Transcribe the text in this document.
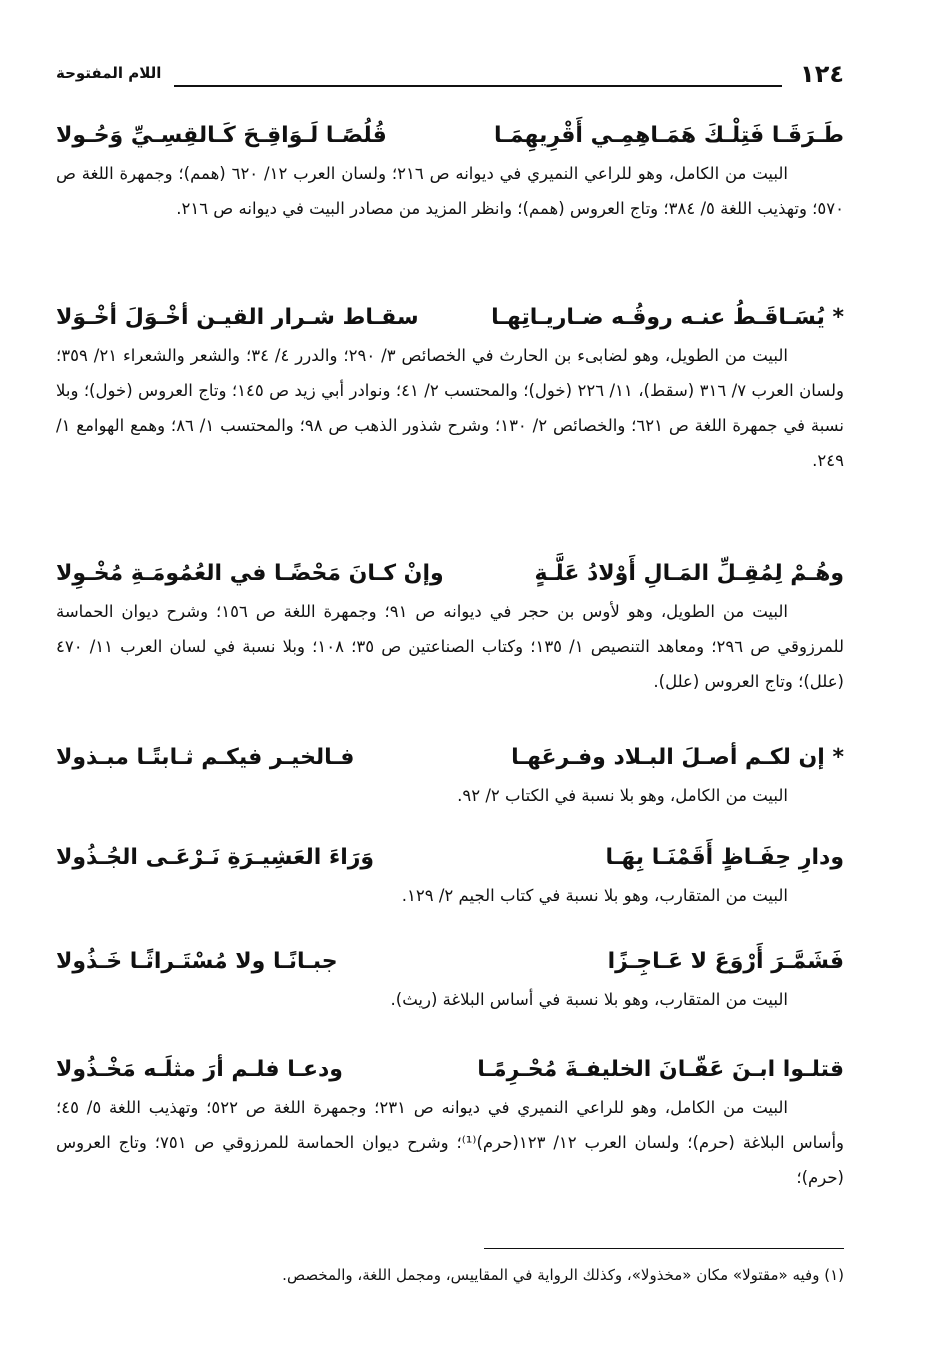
١٢٤
اللام المفتوحة
طَـرَقَـا فَتِلْـكَ هَمَـاهِمِـي أَقْرِيهِمَـا
قُلُصًـا لَـوَاقِـحَ كَـالقِسِـيِّ وَحُـولا
البيت من الكامل، وهو للراعي النميري في ديوانه ص ٢١٦؛ ولسان العرب ١٢/ ٦٢٠ (همم)؛ وجمهرة اللغة ص ٥٧٠؛ وتهذيب اللغة ٥/ ٣٨٤؛ وتاج العروس (همم)؛ وانظر المزيد من مصادر البيت في ديوانه ص ٢١٦.
* يُسَـاقَـطُ عنـه روقُـه ضـاريـاتِهـا
سقـاط شـرار القيـن أخْـوَلَ أخْـوَلا
البيت من الطويل، وهو لضابىء بن الحارث في الخصائص ٣/ ٢٩٠؛ والدرر ٤/ ٣٤؛ والشعر والشعراء ٢١/ ٣٥٩؛ ولسان العرب ٧/ ٣١٦ (سقط)، ١١/ ٢٢٦ (خول)؛ والمحتسب ٢/ ٤١؛ ونوادر أبي زيد ص ١٤٥؛ وتاج العروس (خول)؛ وبلا نسبة في جمهرة اللغة ص ٦٢١؛ والخصائص ٢/ ١٣٠؛ وشرح شذور الذهب ص ٩٨؛ والمحتسب ١/ ٨٦؛ وهمع الهوامع ١/ ٢٤٩.
وهُـمْ لِمُقِـلِّ المَـالِ أَوْلادُ عَلَّـةٍ
وإنْ كـانَ مَحْضًـا في العُمُومَـةِ مُخْـوِلا
البيت من الطويل، وهو لأوس بن حجر في ديوانه ص ٩١؛ وجمهرة اللغة ص ١٥٦؛ وشرح ديوان الحماسة للمرزوقي ص ٢٩٦؛ ومعاهد التنصيص ١/ ١٣٥؛ وكتاب الصناعتين ص ٣٥؛ ١٠٨؛ وبلا نسبة في لسان العرب ١١/ ٤٧٠ (علل)؛ وتاج العروس (علل).
* إن لكـم أصـلَ البـلاد وفـرعَهـا
فـالخيـر فيكـم ثـابتًـا مبـذولا
البيت من الكامل، وهو بلا نسبة في الكتاب ٢/ ٩٢.
ودارِ حِفَـاظٍ أَقَمْنَـا بِهَـا
وَرَاءَ العَشِيـرَةِ نَـرْعَـى الجُـذُولا
البيت من المتقارب، وهو بلا نسبة في كتاب الجيم ٢/ ١٢٩.
فَشَمَّـرَ أَرْوَعَ لا عَـاجِـزًا
جبـانًـا ولا مُسْتَـراثًـا خَـذُولا
البيت من المتقارب، وهو بلا نسبة في أساس البلاغة (ريث).
قتلـوا ابـنَ عَفّـانَ الخليفـةَ مُحْـرِمًـا
ودعـا فلـم أرَ مثلَـه مَخْـذُولا
البيت من الكامل، وهو للراعي النميري في ديوانه ص ٢٣١؛ وجمهرة اللغة ص ٥٢٢؛ وتهذيب اللغة ٥/ ٤٥؛ وأساس البلاغة (حرم)؛ ولسان العرب ١٢/ ١٢٣(حرم)⁽¹⁾؛ وشرح ديوان الحماسة للمرزوقي ص ٧٥١؛ وتاج العروس (حرم)؛
(١) وفيه «مقتولا» مكان «مخذولا»، وكذلك الرواية في المقاييس، ومجمل اللغة، والمخصص.
